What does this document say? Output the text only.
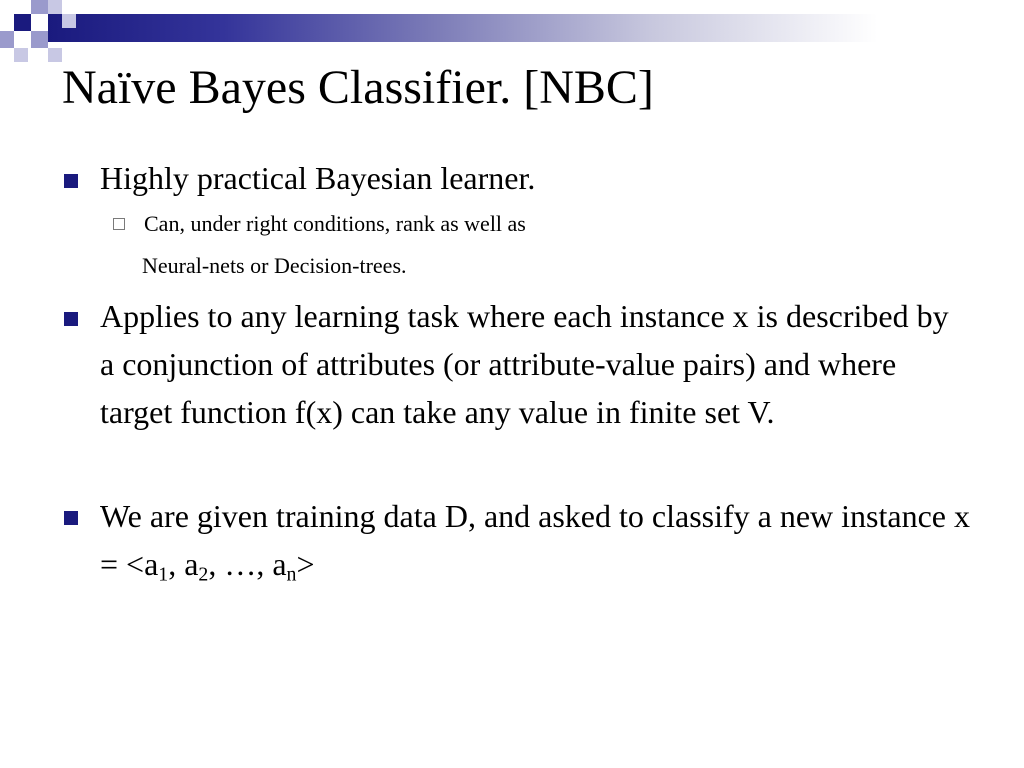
Naïve Bayes Classifier. [NBC]

Highly practical Bayesian learner.

Can, under right conditions, rank as well as

Neural-nets or Decision-trees.

Applies to any learning task where each instance x is described by a conjunction of attributes (or attribute-value pairs) and where target function f(x) can take any value in finite set V.

We are given training data D, and asked to classify a new instance $x = <a_1$, $a_2$, …, $a_n>$
